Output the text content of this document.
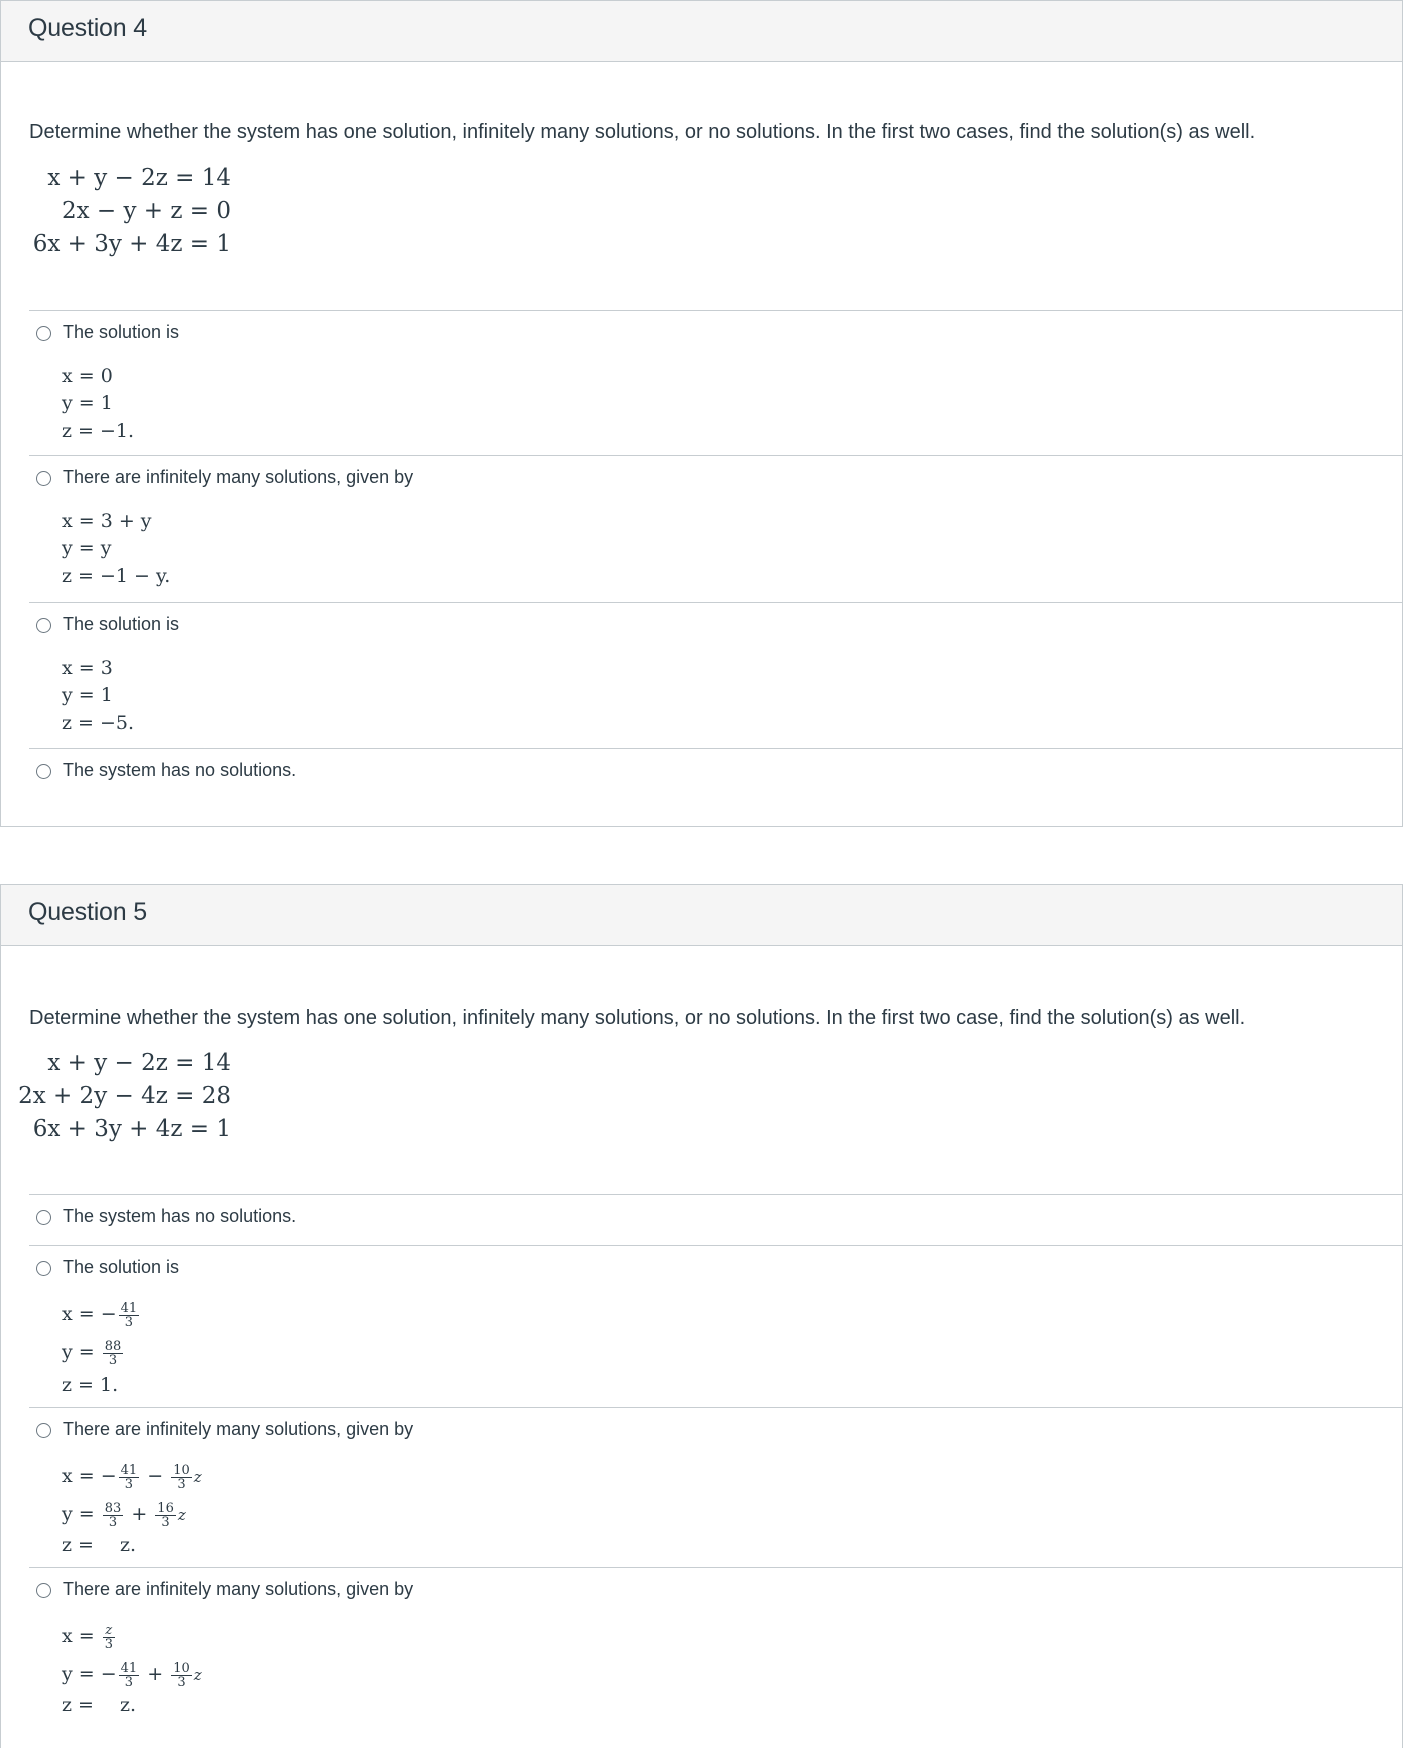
Question 4
Determine whether the system has one solution, infinitely many solutions, or no solutions. In the first two cases, find the solution(s) as well.
x + y − 2z = 14
2x − y + z = 0
6x + 3y + 4z = 1
The solution is
x = 0
y = 1
z = −1.
There are infinitely many solutions, given by
x = 3 + y
y = y
z = −1 − y.
The solution is
x = 3
y = 1
z = −5.
The system has no solutions.
Question 5
Determine whether the system has one solution, infinitely many solutions, or no solutions. In the first two case, find the solution(s) as well.
x + y − 2z = 14
2x + 2y − 4z = 28
6x + 3y + 4z = 1
The system has no solutions.
The solution is
x = − $\frac{41}{3}$
$y = \frac{88}{3}$
z = 1.
There are infinitely many solutions, given by
x = − $\frac{41}{3} - \frac{10}{3}$ z
$y = \frac{83}{3} + \frac{16}{3}$ z
z = z.
There are infinitely many solutions, given by
$x = \frac{z}{3}$
y = − $\frac{41}{3} + \frac{10}{3}$ z
z = z.
